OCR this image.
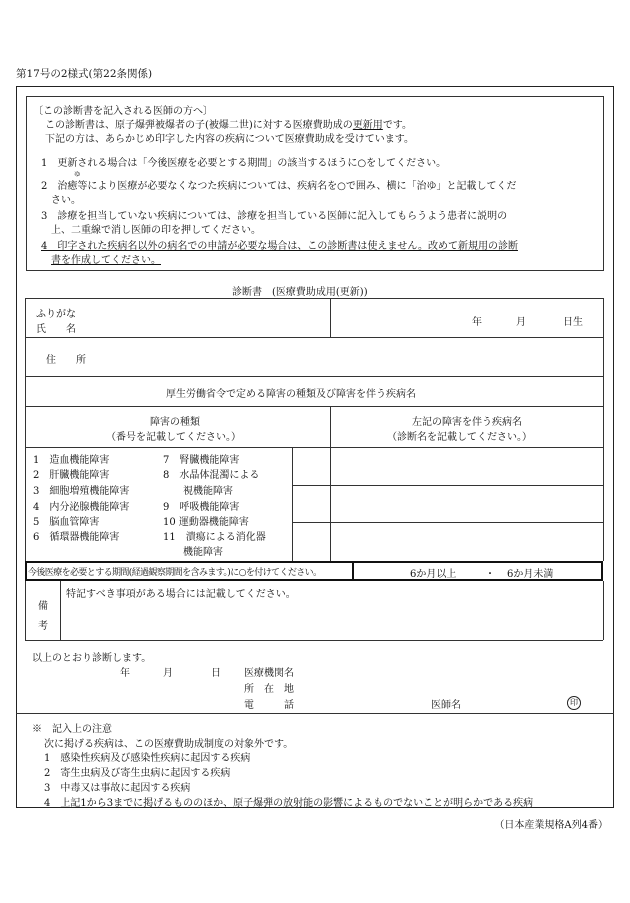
第17号の2様式(第22条関係)
〔この診断書を記入される医師の方へ〕
この診断書は、原子爆弾被爆者の子(被爆二世)に対する医療費助成の更新用です。
下記の方は、あらかじめ印字した内容の疾病について医療費助成を受けています。
1　更新される場合は「今後医療を必要とする期間」の該当するほうに○をしてください。
ゆ
2　治癒等により医療が必要なくなつた疾病については、疾病名を○で囲み、横に「治ゆ」と記載してくだ
さい。
3　診療を担当していない疾病については、診療を担当している医師に記入してもらうよう患者に説明の
上、二重線で消し医師の印を押してください。
4　印字された疾病名以外の病名での申請が必要な場合は、この診断書は使えません。改めて新規用の診断
書を作成してください。
診断書　(医療費助成用(更新))
ふりがな
氏　　名
年	月	日生
住　　所
厚生労働省令で定める障害の種類及び障害を伴う疾病名
障害の種類
（番号を記載してください。）
左記の障害を伴う疾病名
（診断名を記載してください。）
1　造血機能障害
2　肝臓機能障害
3　細胞増殖機能障害
4　内分泌腺機能障害
5　脳血管障害
6　循環器機能障害
7　腎臓機能障害
8　水晶体混濁による
　　視機能障害
9　呼吸機能障害
10 運動器機能障害
11　潰瘍による消化器
　　機能障害
今後医療を必要とする期間(経過観察期間を含みます。)に○を付けてください。	6か月以上	・ 6か月未満
備
考
特記すべき事項がある場合には記載してください。
以上のとおり診断します。
年	月	日 医療機関名
所　在　地
電　　　話	医師名	印
※　記入上の注意
次に掲げる疾病は、この医療費助成制度の対象外です。
1　感染性疾病及び感染性疾病に起因する疾病
2　寄生虫病及び寄生虫病に起因する疾病
3　中毒又は事故に起因する疾病
4　上記1から3までに掲げるもののほか、原子爆弾の放射能の影響によるものでないことが明らかである疾病
（日本産業規格A列4番）
